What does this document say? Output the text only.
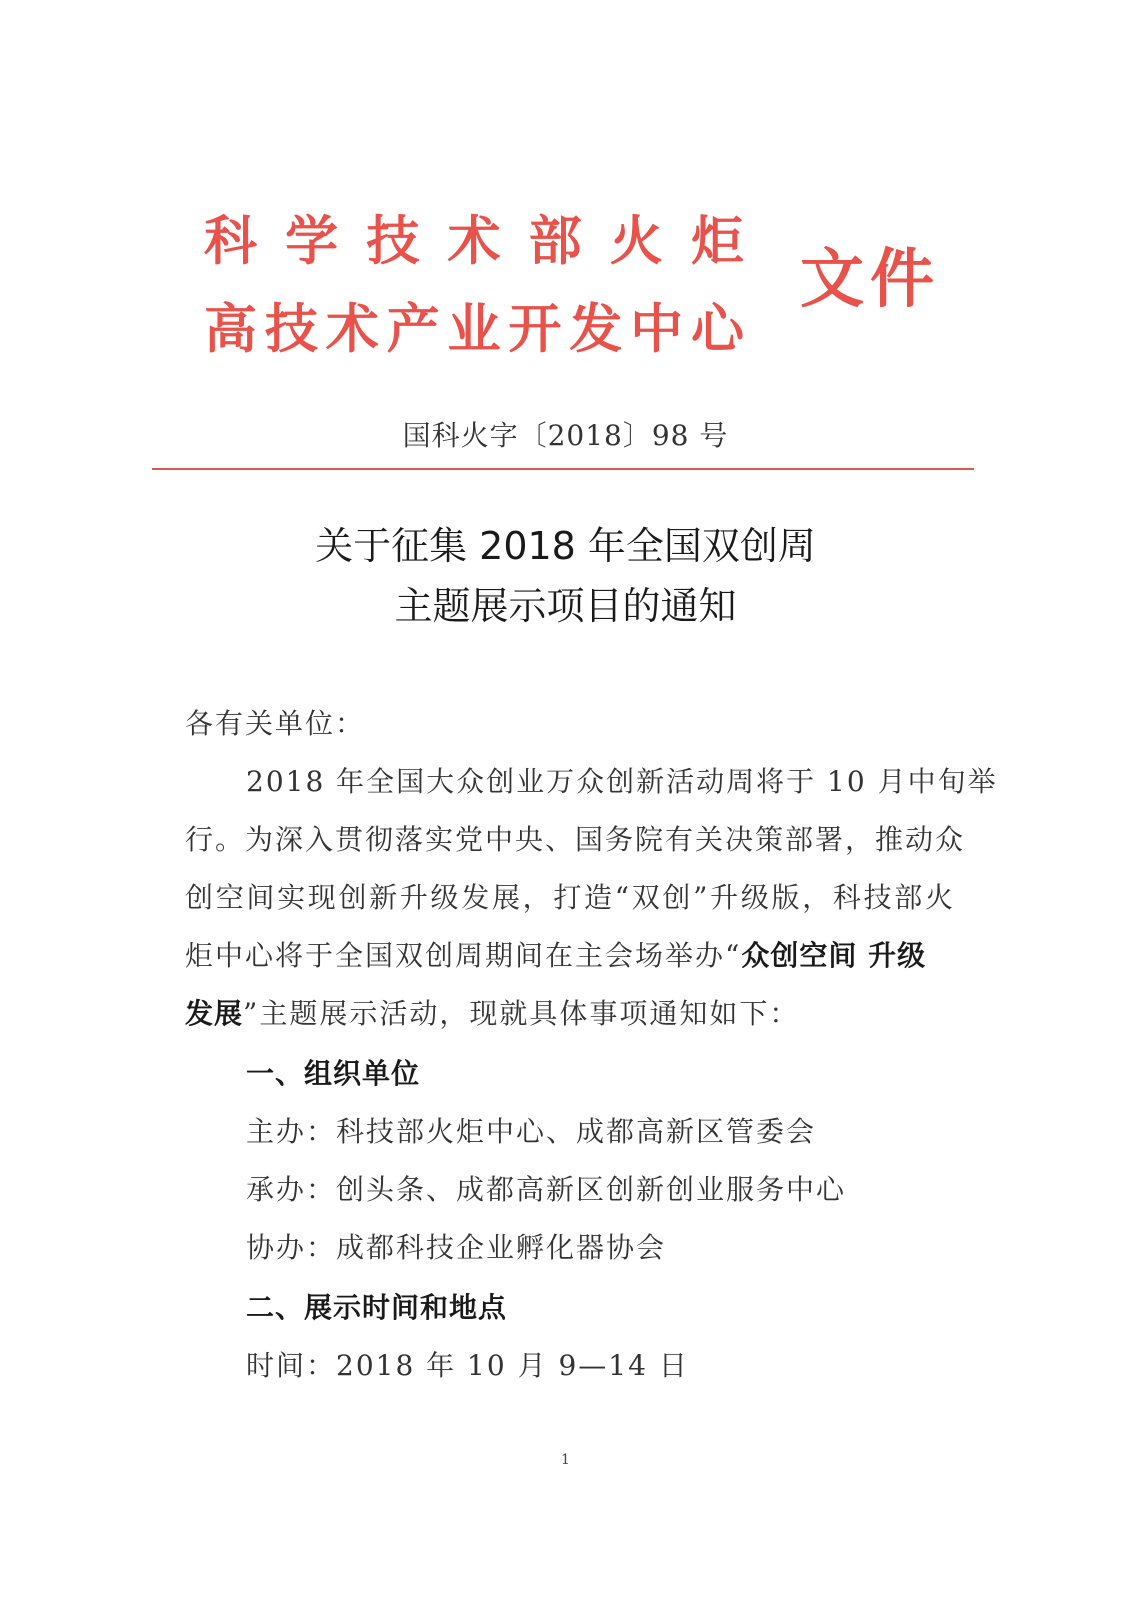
科 学 技 术 部 火 炬
高 技 术 产 业 开 发 中 心
文件
国科火字〔2018〕98 号
关于征集 2018 年全国双创周
主题展示项目的通知
各有关单位：
2018 年全国大众创业万众创新活动周将于 10 月中旬举
行。为深入贯彻落实党中央、国务院有关决策部署，推动众
创空间实现创新升级发展，打造“双创”升级版，科技部火
炬中心将于全国双创周期间在主会场举办“众创空间 升级
发展”主题展示活动，现就具体事项通知如下：
一、组织单位
主办：科技部火炬中心、成都高新区管委会
承办：创头条、成都高新区创新创业服务中心
协办：成都科技企业孵化器协会
二、展示时间和地点
时间：2018 年 10 月 9—14 日
1
